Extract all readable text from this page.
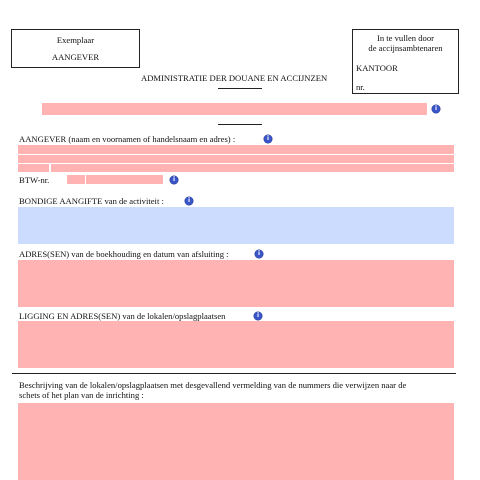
Exemplaar
AANGEVER
ADMINISTRATIE DER DOUANE EN ACCIJNZEN
In te vullen door
de accijnsambtenaren
KANTOOR
nr.
i
AANGEVER (naam en voornamen of handelsnaam en adres) :	i
BTW-nr.	i
BONDIGE AANGIFTE van de activiteit :	i
ADRES(SEN) van de boekhouding en datum van afsluiting :	i
LIGGING EN ADRES(SEN) van de lokalen/opslagplaatsen	i
Beschrijving van de lokalen/opslagplaatsen met desgevallend vermelding van de nummers die verwijzen naar de
schets of het plan van de inrichting :
